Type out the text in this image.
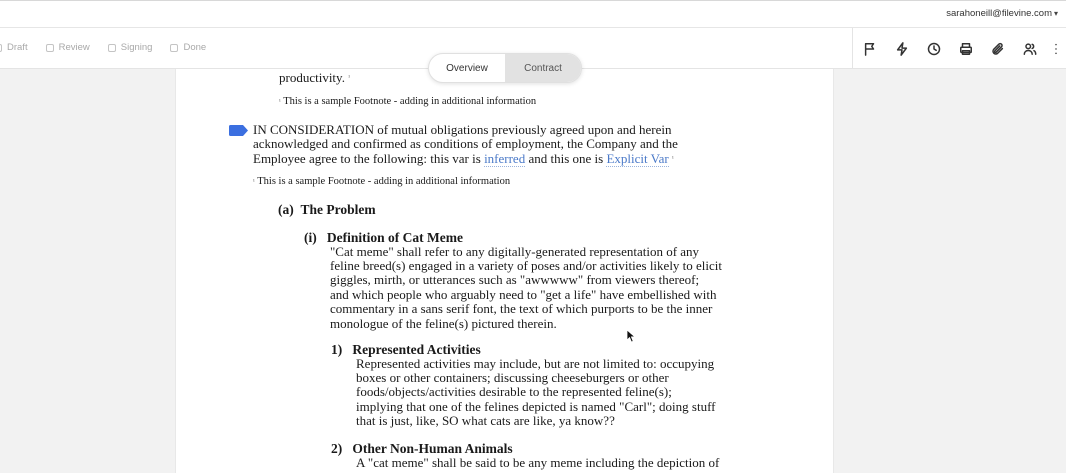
sarahoneill@filevine.com ▾
Draft	Review	Signing	Done
Overview	Contract
productivity. $^{^1}$
$^{^1}$ This is a sample Footnote - adding in additional information
IN CONSIDERATION of mutual obligations previously agreed upon and herein
acknowledged and confirmed as conditions of employment, the Company and the
Employee agree to the following: this var is inferred and this one is Explicit Var $^{^1}$
$^{^1}$ This is a sample Footnote - adding in additional information
(a) The Problem
(i) Definition of Cat Meme
"Cat meme" shall refer to any digitally-generated representation of any
feline breed(s) engaged in a variety of poses and/or activities likely to elicit
giggles, mirth, or utterances such as "awwwww" from viewers thereof;
and which people who arguably need to "get a life" have embellished with
commentary in a sans serif font, the text of which purports to be the inner
monologue of the feline(s) pictured therein.
1) Represented Activities
Represented activities may include, but are not limited to: occupying
boxes or other containers; discussing cheeseburgers or other
foods/objects/activities desirable to the represented feline(s);
implying that one of the felines depicted is named "Carl"; doing stuff
that is just, like, SO what cats are like, ya know??
2) Other Non-Human Animals
A "cat meme" shall be said to be any meme including the depiction of
